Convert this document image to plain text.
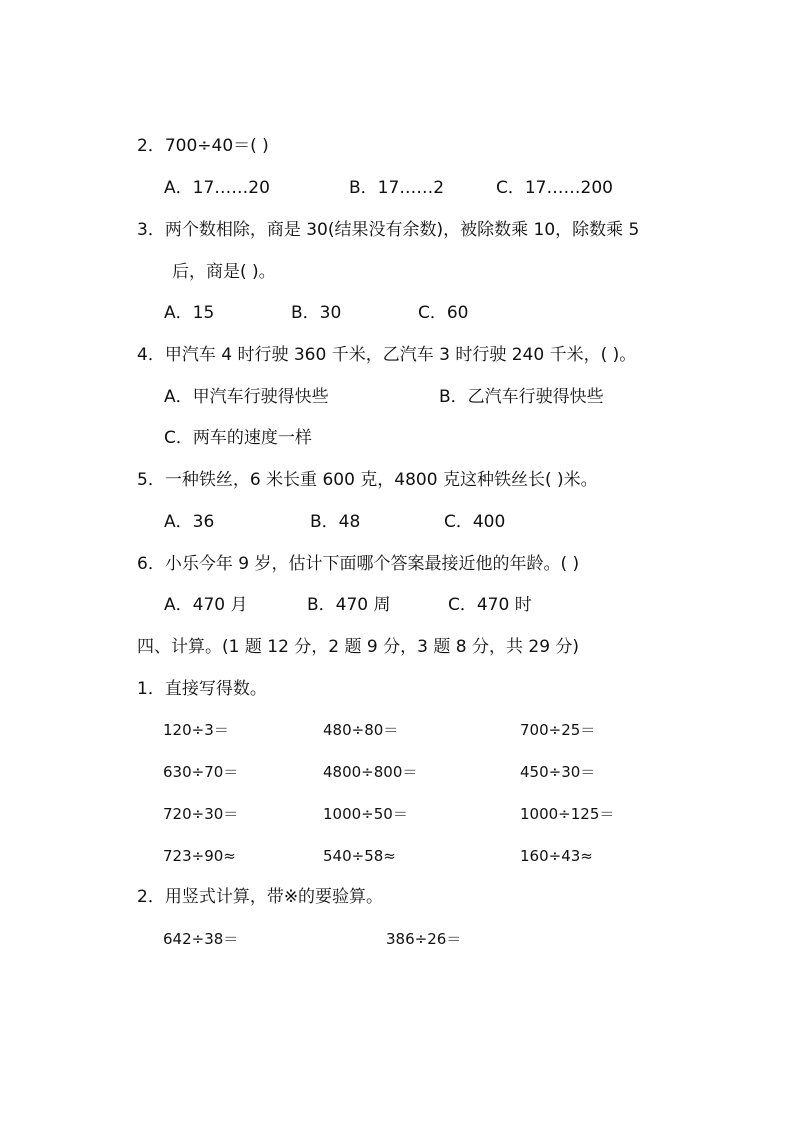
2．700÷40＝( )
A．17……20	B．17……2	C．17……200
3．两个数相除，商是 30(结果没有余数)，被除数乘 10，除数乘 5
后，商是( )。
A．15	B．30	C．60
4．甲汽车 4 时行驶 360 千米，乙汽车 3 时行驶 240 千米，( )。
A．甲汽车行驶得快些	B．乙汽车行驶得快些
C．两车的速度一样
5．一种铁丝，6 米长重 600 克，4800 克这种铁丝长( )米。
A．36	B．48	C．400
6．小乐今年 9 岁，估计下面哪个答案最接近他的年龄。( )
A．470 月	B．470 周	C．470 时
四、计算。(1 题 12 分，2 题 9 分，3 题 8 分，共 29 分)
1．直接写得数。
120÷3＝	480÷80＝	700÷25＝
630÷70＝	4800÷800＝	450÷30＝
720÷30＝	1000÷50＝	1000÷125＝
723÷90≈	540÷58≈	160÷43≈
2．用竖式计算，带※的要验算。
642÷38＝	386÷26＝
